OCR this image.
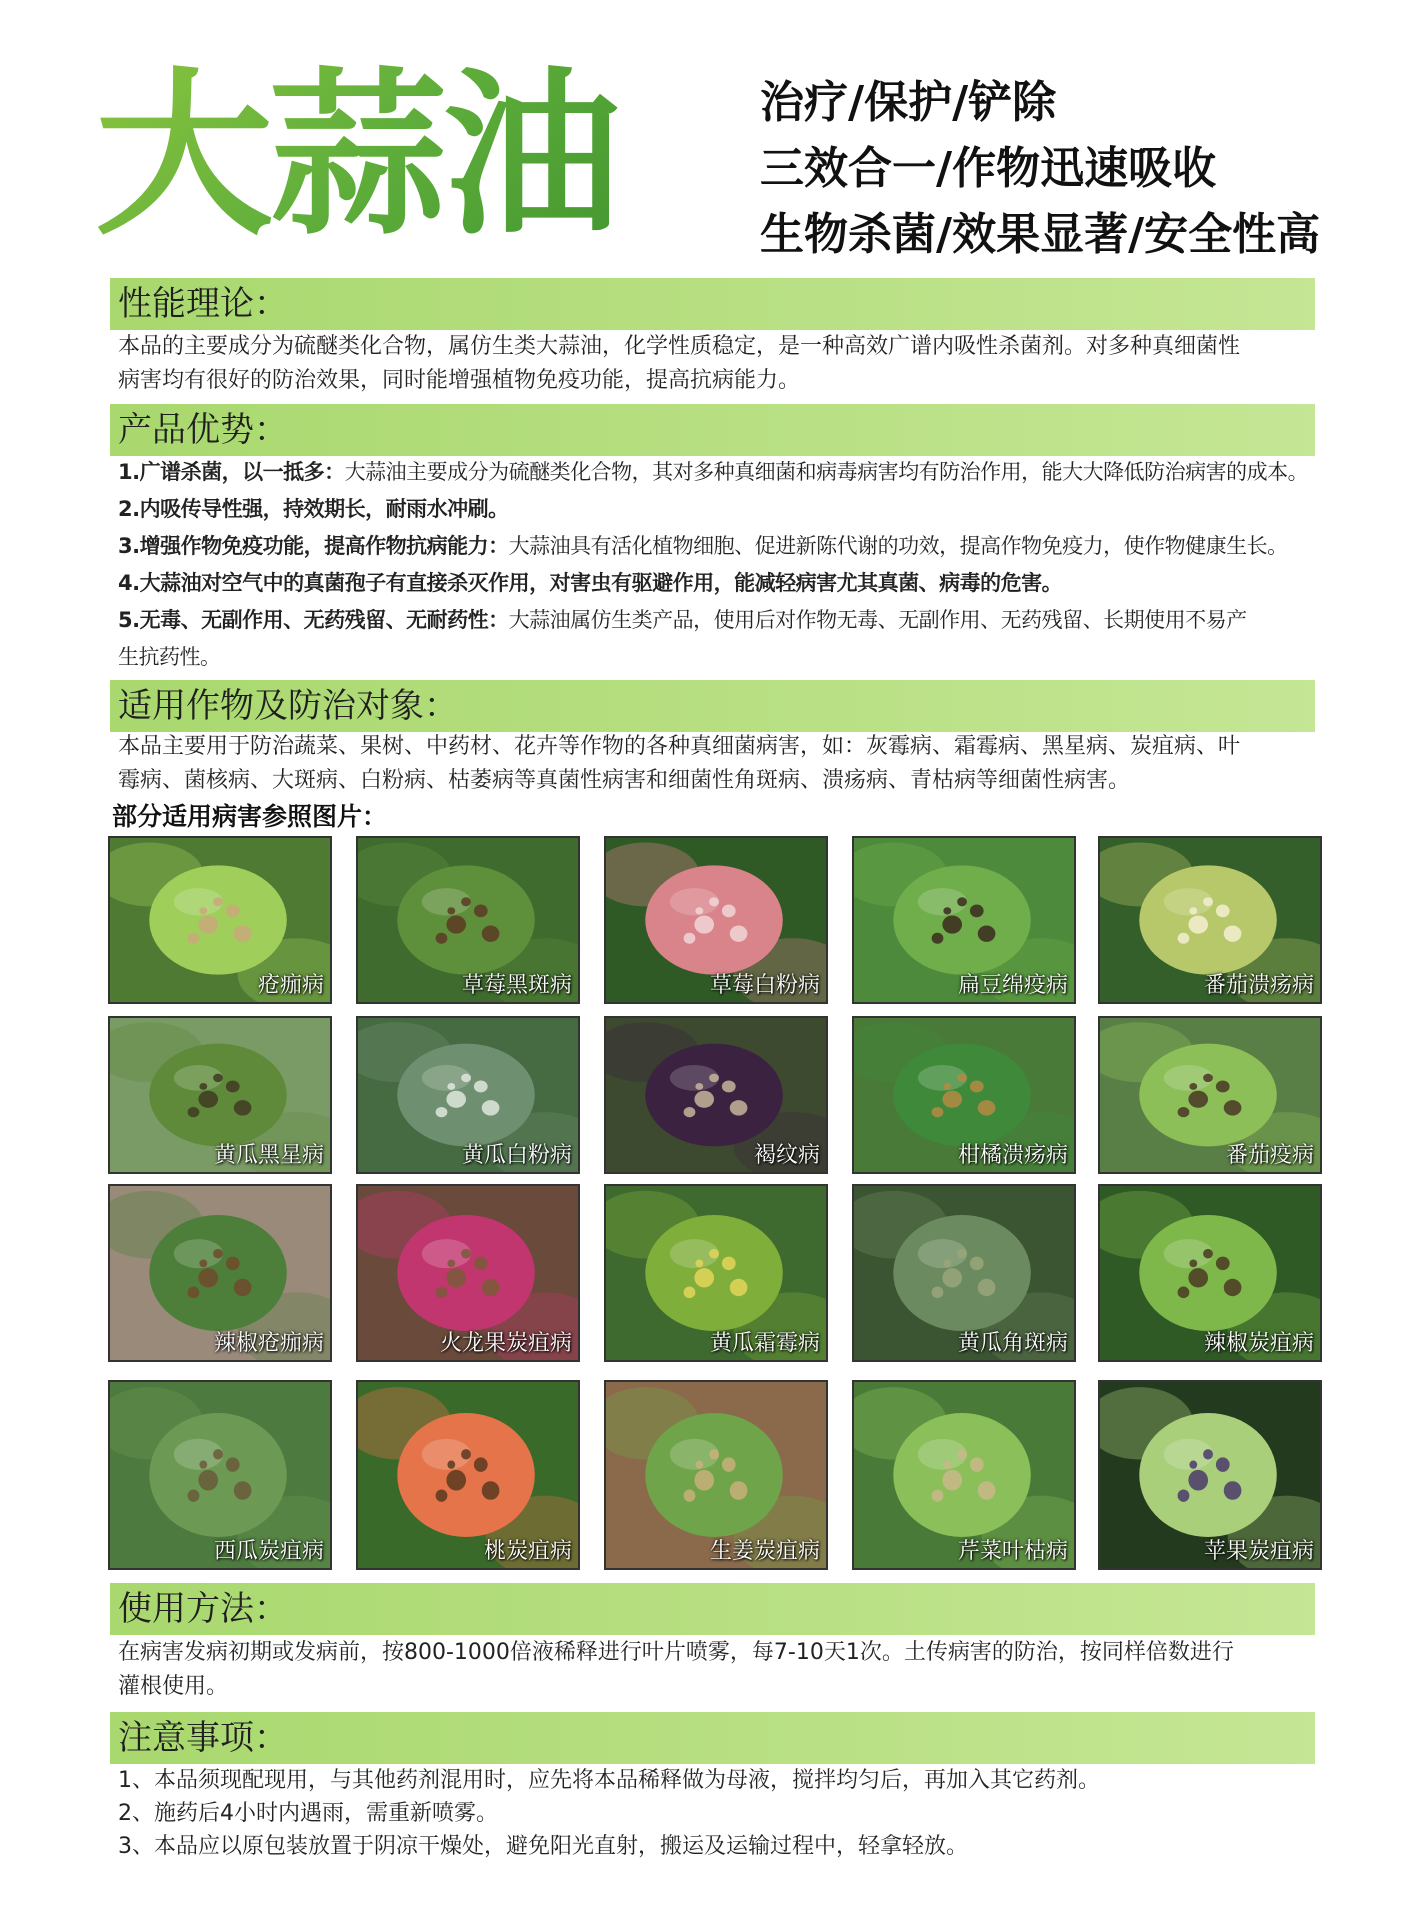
大蒜油	治疗/保护/铲除
三效合一/作物迅速吸收
生物杀菌/效果显著/安全性高
性能理论：
本品的主要成分为硫醚类化合物，属仿生类大蒜油，化学性质稳定，是一种高效广谱内吸性杀菌剂。对多种真细菌性
病害均有很好的防治效果，同时能增强植物免疫功能，提高抗病能力。
产品优势：
1.广谱杀菌，以一抵多：大蒜油主要成分为硫醚类化合物，其对多种真细菌和病毒病害均有防治作用，能大大降低防治病害的成本。
2.内吸传导性强，持效期长，耐雨水冲刷。
3.增强作物免疫功能，提高作物抗病能力：大蒜油具有活化植物细胞、促进新陈代谢的功效，提高作物免疫力，使作物健康生长。
4.大蒜油对空气中的真菌孢子有直接杀灭作用，对害虫有驱避作用，能减轻病害尤其真菌、病毒的危害。
5.无毒、无副作用、无药残留、无耐药性：大蒜油属仿生类产品，使用后对作物无毒、无副作用、无药残留、长期使用不易产
生抗药性。
适用作物及防治对象：
本品主要用于防治蔬菜、果树、中药材、花卉等作物的各种真细菌病害，如：灰霉病、霜霉病、黑星病、炭疽病、叶
霉病、菌核病、大斑病、白粉病、枯萎病等真菌性病害和细菌性角斑病、溃疡病、青枯病等细菌性病害。
部分适用病害参照图片：
疮痂病	草莓黑斑病	草莓白粉病	扁豆绵疫病	番茄溃疡病
黄瓜黑星病	黄瓜白粉病	褐纹病	柑橘溃疡病	番茄疫病
辣椒疮痂病	火龙果炭疽病	黄瓜霜霉病	黄瓜角斑病	辣椒炭疽病
西瓜炭疽病	桃炭疽病	生姜炭疽病	芹菜叶枯病	苹果炭疽病
使用方法：
在病害发病初期或发病前，按800-1000倍液稀释进行叶片喷雾，每7-10天1次。土传病害的防治，按同样倍数进行
灌根使用。
注意事项：
1、本品须现配现用，与其他药剂混用时，应先将本品稀释做为母液，搅拌均匀后，再加入其它药剂。
2、施药后4小时内遇雨，需重新喷雾。
3、本品应以原包装放置于阴凉干燥处，避免阳光直射，搬运及运输过程中，轻拿轻放。
